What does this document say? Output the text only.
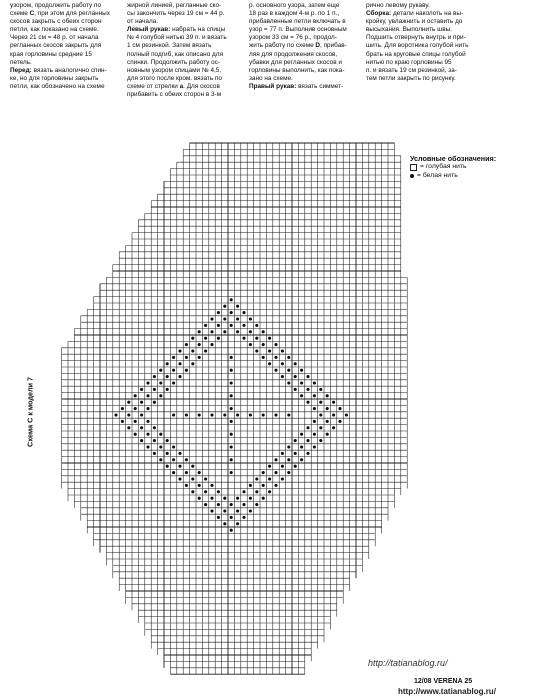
узором, продолжить работу по

схеме C, при этом для регланных

скосов закрыть с обеих сторон

петли, как показано на схеме.

Через 21 см = 48 р. от начала

регланных скосов закрыть для

края горловины средние 15

петель.

Перед: вязать аналогично спин-

ке, но для горловины закрыть

петли, как обозначено на схеме

жирной линией, регланные ско-

сы закончить через 19 см = 44 р.

от начала.

Левый рукав: набрать на спицы

№ 4 голубой нитью 39 п. и вязать

1 см резинкой. Затем вязать

полный подгиб, как описано для

спинки. Продолжить работу ос-

новным узором спицами № 4,5,

для этого после кром. вязать по

схеме от стрелки a. Для скосов

прибавить с обеих сторон в 3-м

р. основного узора, затем еще

18 раз в каждом 4-м р. по 1 п.,

прибавленные петли включать в

узор = 77 п. Выполнив основным

узором 33 см = 76 р., продол-

жить работу по схеме D, прибав-

ляя для продолжения скосов,

убавки для регланных скосов и

горловины выполнить, как пока-

зано на схеме.

Правый рукав: вязать симмет-

рично левому рукаву.

Сборка: детали наколоть на вы-

кройку, увлажнить и оставить до

высыхания. Выполнить швы.

Подшить отвернуть внутрь и при-

шить. Для воротника голубой нить

брать на круговые спицы голубой

нитью по краю горловины 95

п. и вязать 19 см резинкой, за-

тем петли закрыть по рисунку.

Условные обозначения:
= голубая нить
= белая нить
Схема C к модели 7
http://tatianablog.ru/
12/08 VERENA 25
http://www.tatianablog.ru/
